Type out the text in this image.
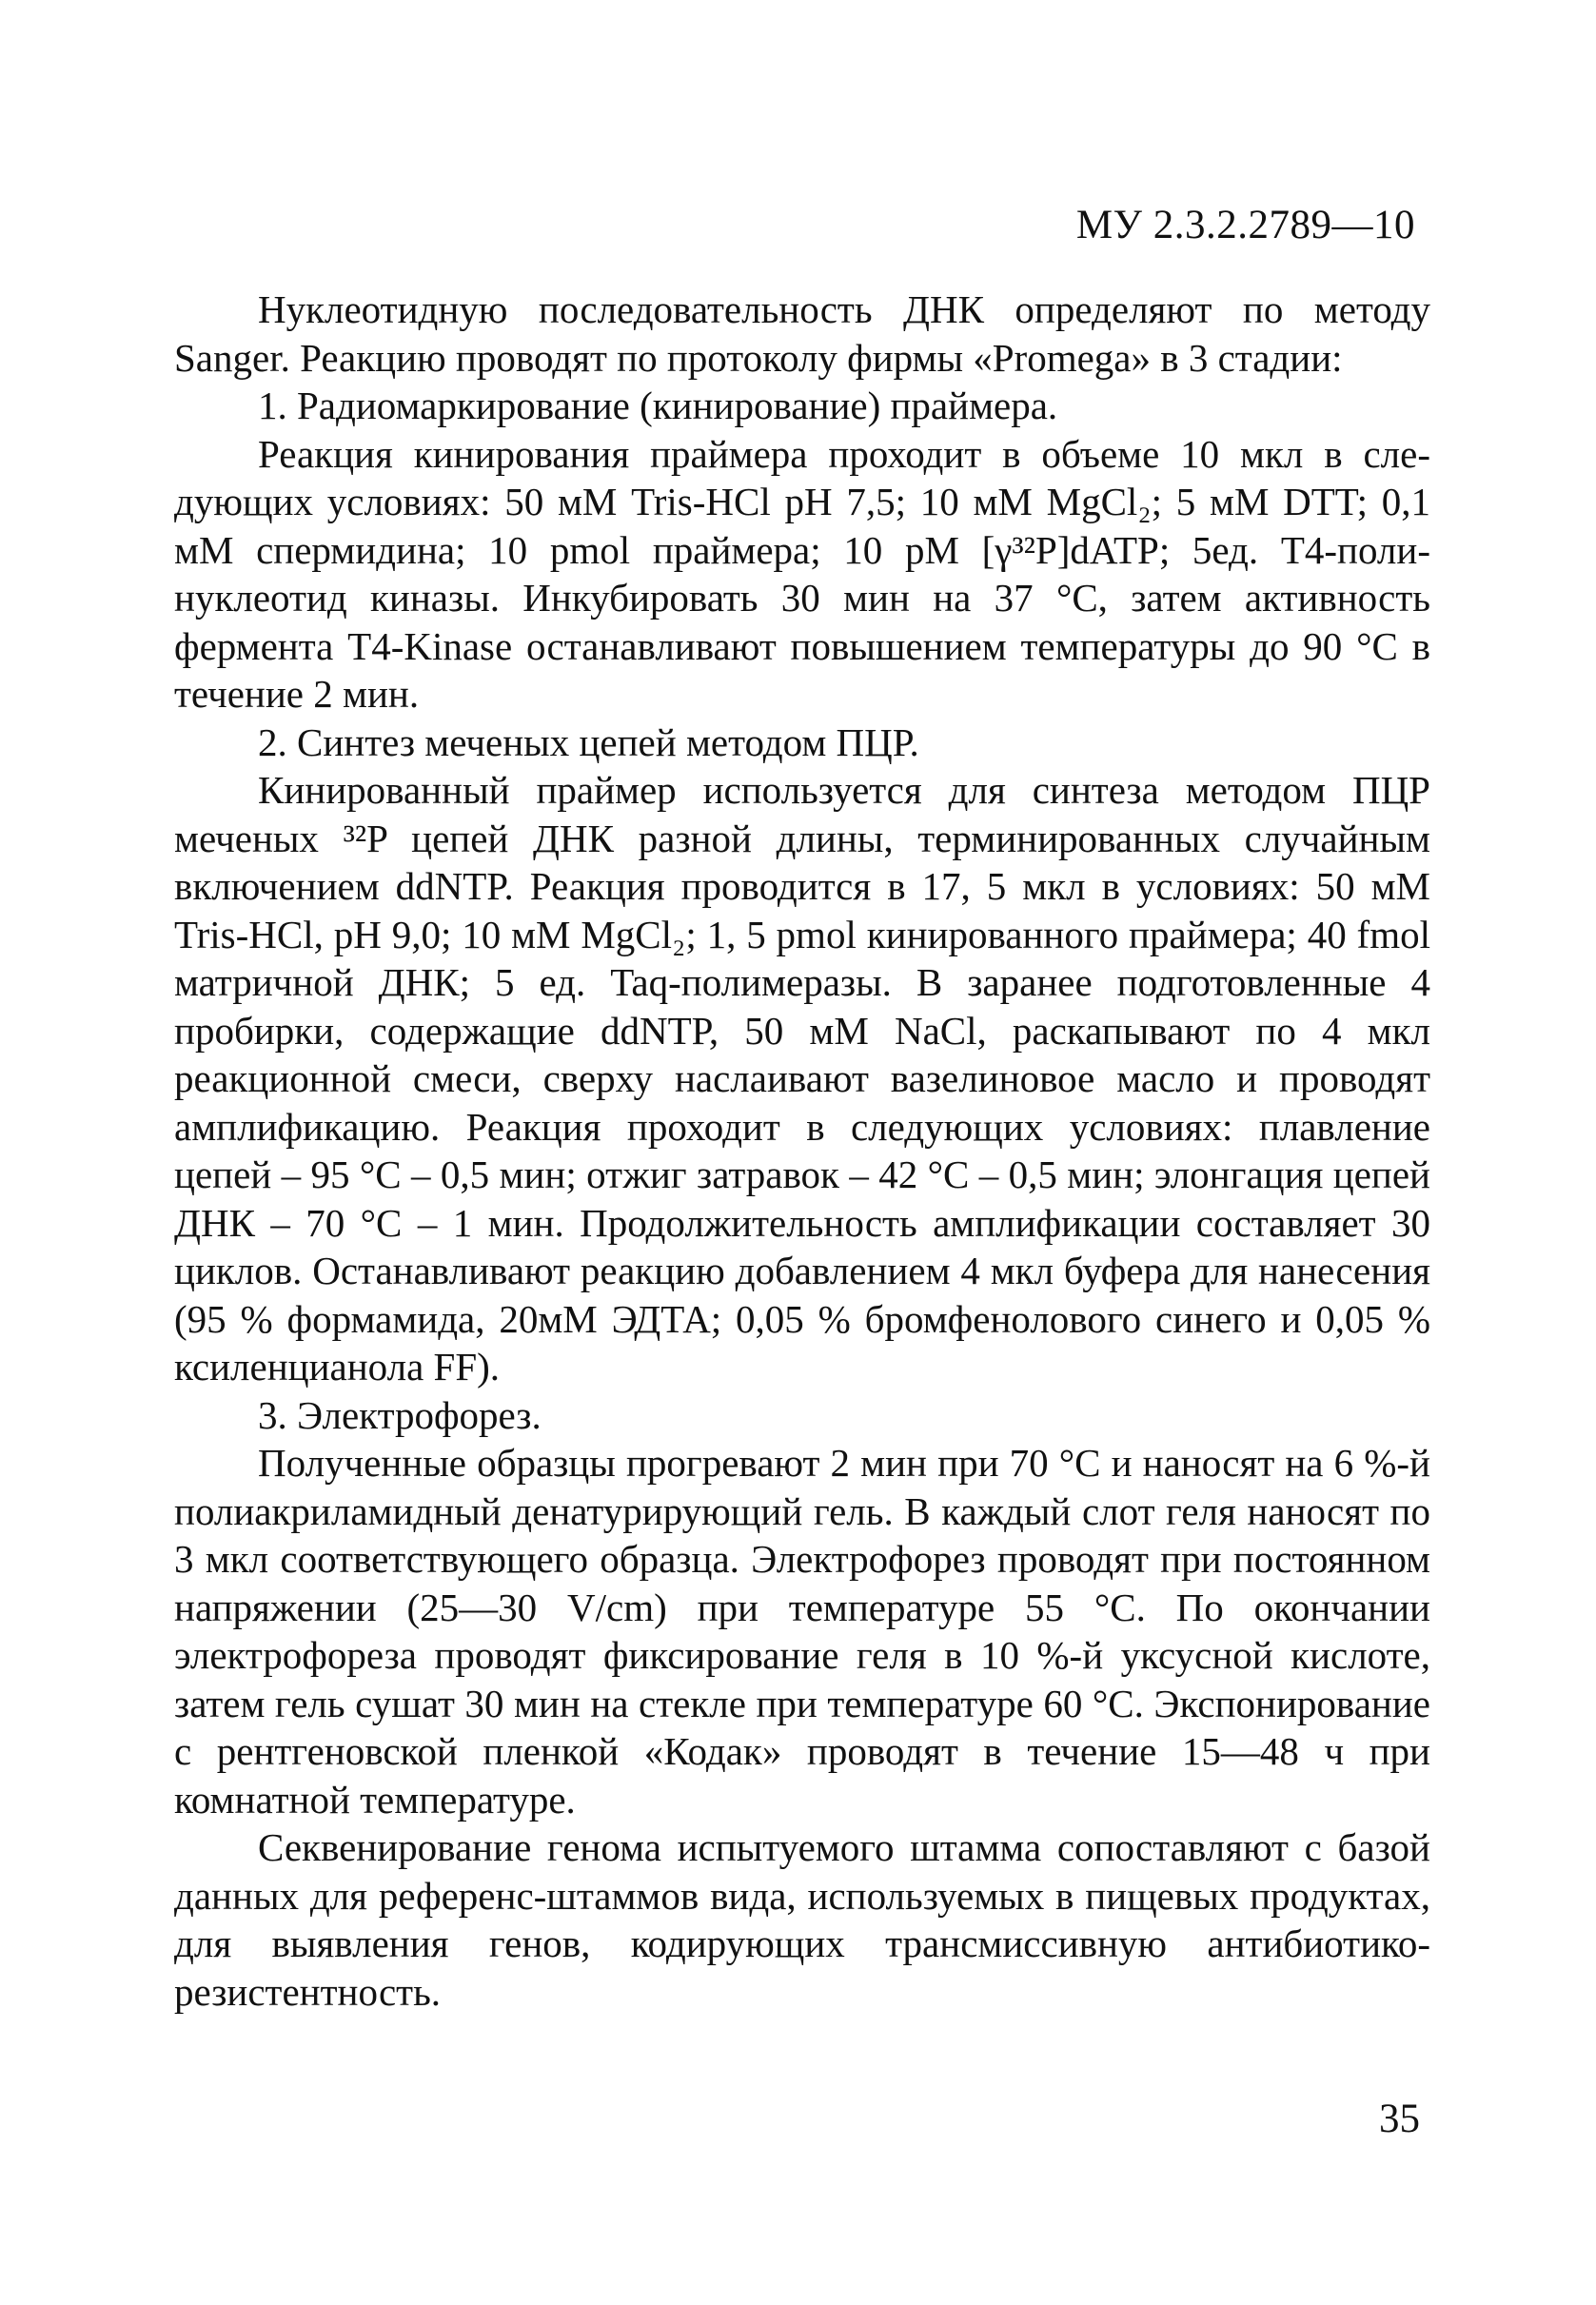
МУ 2.3.2.2789—10

Нуклеотидную последовательность ДНК определяют по методу Sanger. Реакцию проводят по протоколу фирмы «Promega» в 3 стадии:

1. Радиомаркирование (кинирование) праймера.

Реакция кинирования праймера проходит в объеме 10 мкл в следующих условиях: 50 мМ Tris-HCl pH 7,5; 10 мМ MgCl₂; 5 мМ DTT; 0,1 мМ спермидина; 10 pmol праймера; 10 pM [γ³²P]dATP; 5ед. Т4-полинуклеотид киназы. Инкубировать 30 мин на 37 °С, затем активность фермента T4-Kinase останавливают повышением температуры до 90 °С в течение 2 мин.

2. Синтез меченых цепей методом ПЦР.

Кинированный праймер используется для синтеза методом ПЦР меченых ³²P цепей ДНК разной длины, терминированных случайным включением ddNTP. Реакция проводится в 17, 5 мкл в условиях: 50 мМ Tris-HCl, pH 9,0; 10 мМ MgCl₂; 1, 5 pmol кинированного праймера; 40 fmol матричной ДНК; 5 ед. Taq-полимеразы. В заранее подготовленные 4 пробирки, содержащие ddNTP, 50 мМ NaCl, раскапывают по 4 мкл реакционной смеси, сверху наслаивают вазелиновое масло и проводят амплификацию. Реакция проходит в следующих условиях: плавление цепей – 95 °С – 0,5 мин; отжиг затравок – 42 °С – 0,5 мин; элонгация цепей ДНК – 70 °С – 1 мин. Продолжительность амплификации составляет 30 циклов. Останавливают реакцию добавлением 4 мкл буфера для нанесения (95 % формамида, 20мМ ЭДТА; 0,05 % бромфенолового синего и 0,05 % ксиленцианола FF).

3. Электрофорез.

Полученные образцы прогревают 2 мин при 70 °С и наносят на 6 %-й полиакриламидный денатурирующий гель. В каждый слот геля наносят по 3 мкл соответствующего образца. Электрофорез проводят при постоянном напряжении (25—30 V/cm) при температуре 55 °С. По окончании электрофореза проводят фиксирование геля в 10 %-й уксусной кислоте, затем гель сушат 30 мин на стекле при температуре 60 °С. Экспонирование с рентгеновской пленкой «Кодак» проводят в течение 15—48 ч при комнатной температуре.

Секвенирование генома испытуемого штамма сопоставляют с базой данных для референс-штаммов вида, используемых в пищевых продуктах, для выявления генов, кодирующих трансмиссивную антибиотикорезистентность.

35
